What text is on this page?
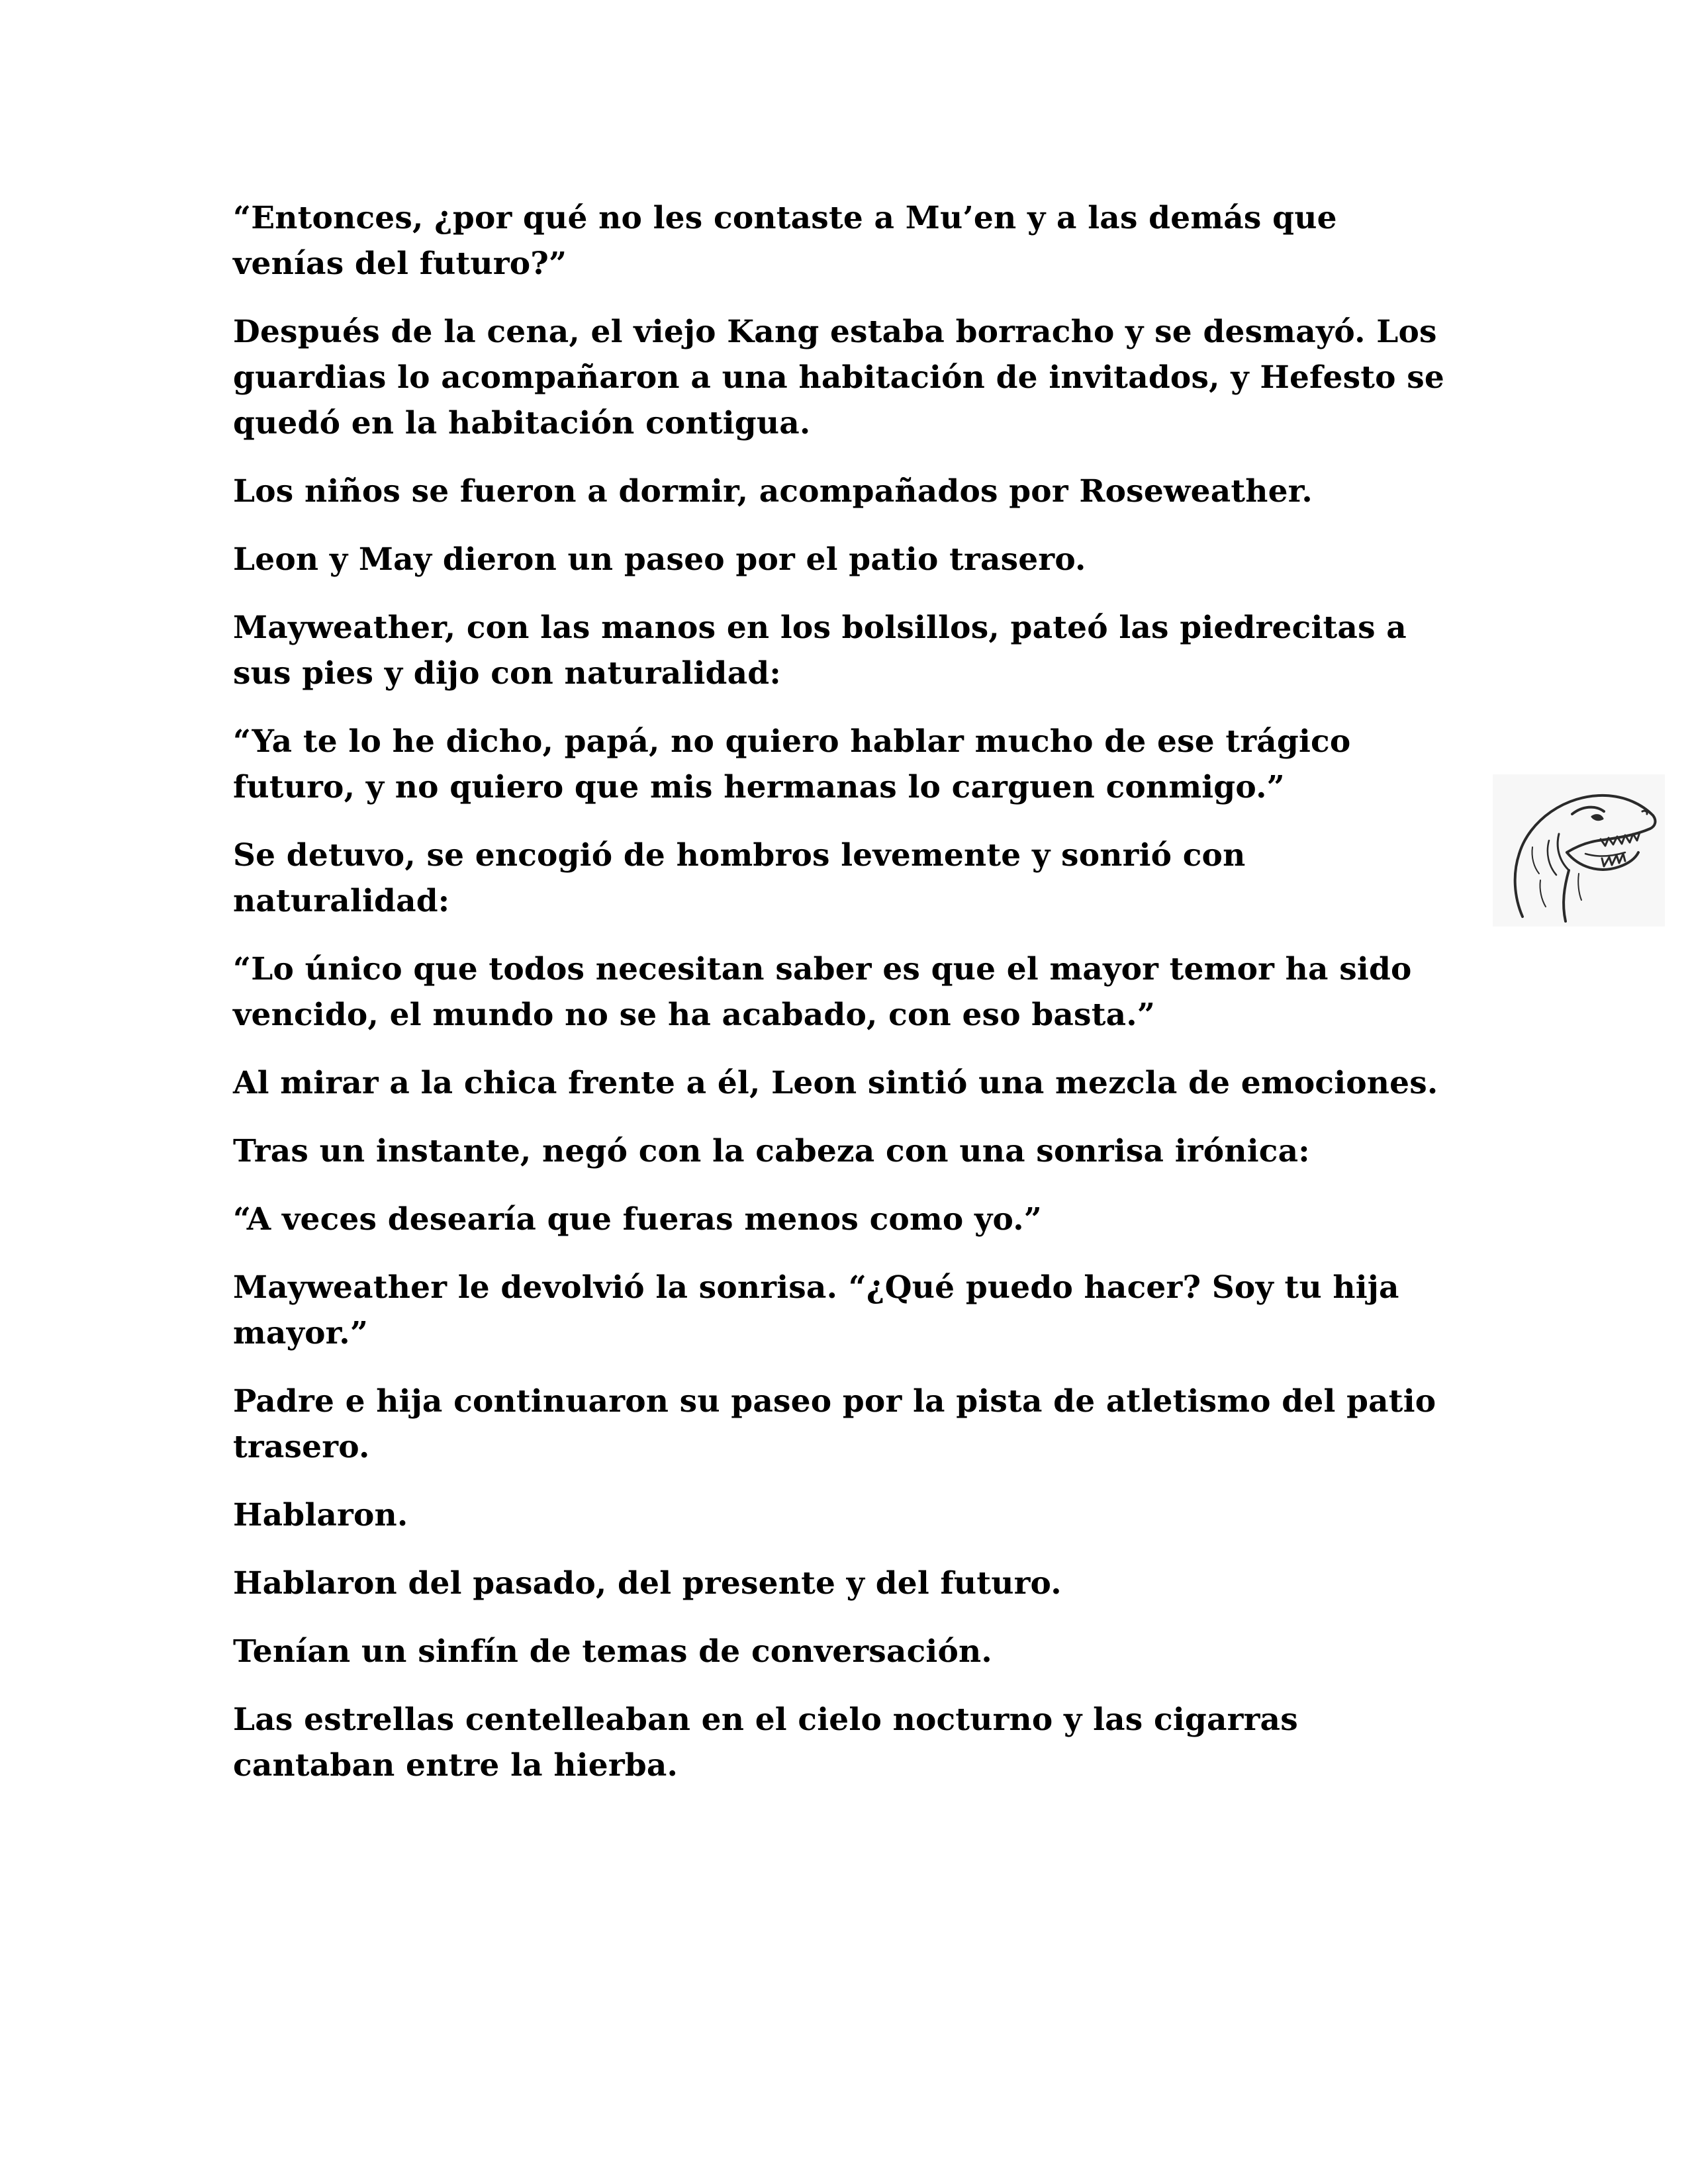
“Entonces, ¿por qué no les contaste a Mu’en y a las demás que venías del futuro?”

Después de la cena, el viejo Kang estaba borracho y se desmayó. Los guardias lo acompañaron a una habitación de invitados, y Hefesto se quedó en la habitación contigua.

Los niños se fueron a dormir, acompañados por Roseweather.

Leon y May dieron un paseo por el patio trasero.

Mayweather, con las manos en los bolsillos, pateó las piedrecitas a sus pies y dijo con naturalidad:

“Ya te lo he dicho, papá, no quiero hablar mucho de ese trágico futuro, y no quiero que mis hermanas lo carguen conmigo.”

Se detuvo, se encogió de hombros levemente y sonrió con naturalidad:

“Lo único que todos necesitan saber es que el mayor temor ha sido vencido, el mundo no se ha acabado, con eso basta.”

Al mirar a la chica frente a él, Leon sintió una mezcla de emociones.

Tras un instante, negó con la cabeza con una sonrisa irónica:

“A veces desearía que fueras menos como yo.”

Mayweather le devolvió la sonrisa. “¿Qué puedo hacer? Soy tu hija mayor.”

Padre e hija continuaron su paseo por la pista de atletismo del patio trasero.

Hablaron.

Hablaron del pasado, del presente y del futuro.

Tenían un sinfín de temas de conversación.

Las estrellas centelleaban en el cielo nocturno y las cigarras cantaban entre la hierba.
